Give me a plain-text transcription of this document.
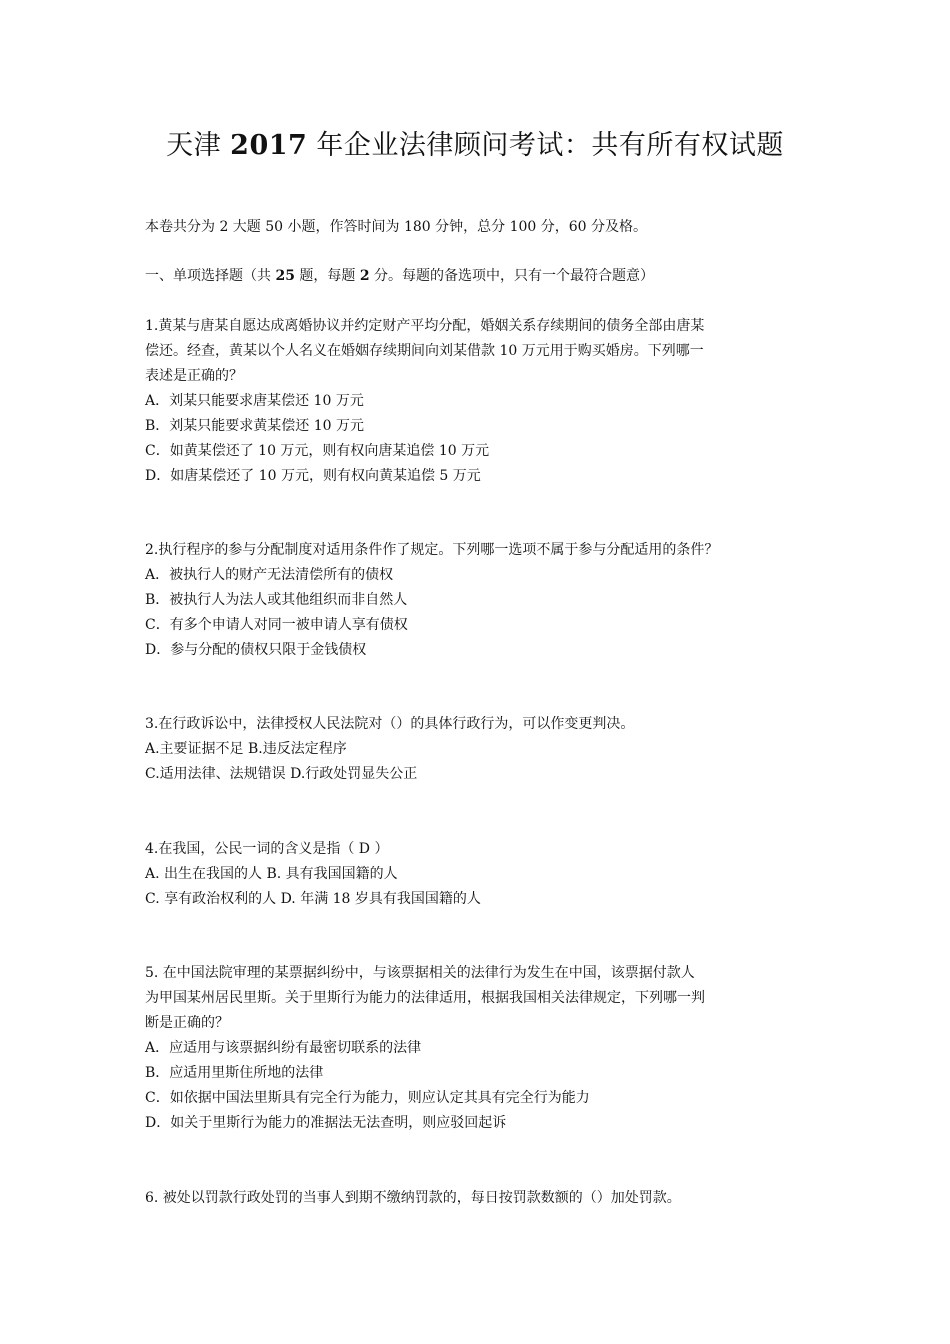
天津 2017 年企业法律顾问考试：共有所有权试题
本卷共分为 2 大题 50 小题，作答时间为 180 分钟，总分 100 分，60 分及格。
一、单项选择题（共 25 题，每题 2 分。每题的备选项中，只有一个最符合题意）
1.黄某与唐某自愿达成离婚协议并约定财产平均分配，婚姻关系存续期间的债务全部由唐某
偿还。经查，黄某以个人名义在婚姻存续期间向刘某借款 10 万元用于购买婚房。下列哪一
表述是正确的？
A．刘某只能要求唐某偿还 10 万元
B．刘某只能要求黄某偿还 10 万元
C．如黄某偿还了 10 万元，则有权向唐某追偿 10 万元
D．如唐某偿还了 10 万元，则有权向黄某追偿 5 万元
2.执行程序的参与分配制度对适用条件作了规定。下列哪一选项不属于参与分配适用的条件？
A．被执行人的财产无法清偿所有的债权
B．被执行人为法人或其他组织而非自然人
C．有多个申请人对同一被申请人享有债权
D．参与分配的债权只限于金钱债权
3.在行政诉讼中，法律授权人民法院对（）的具体行政行为，可以作变更判决。
A.主要证据不足 B.违反法定程序
C.适用法律、法规错误 D.行政处罚显失公正
4.在我国，公民一词的含义是指（ D ）
A. 出生在我国的人 B. 具有我国国籍的人
C. 享有政治权利的人 D. 年满 18 岁具有我国国籍的人
5. 在中国法院审理的某票据纠纷中，与该票据相关的法律行为发生在中国，该票据付款人
为甲国某州居民里斯。关于里斯行为能力的法律适用，根据我国相关法律规定，下列哪一判
断是正确的？
A．应适用与该票据纠纷有最密切联系的法律
B．应适用里斯住所地的法律
C．如依据中国法里斯具有完全行为能力，则应认定其具有完全行为能力
D．如关于里斯行为能力的准据法无法查明，则应驳回起诉
6. 被处以罚款行政处罚的当事人到期不缴纳罚款的，每日按罚款数额的（）加处罚款。
